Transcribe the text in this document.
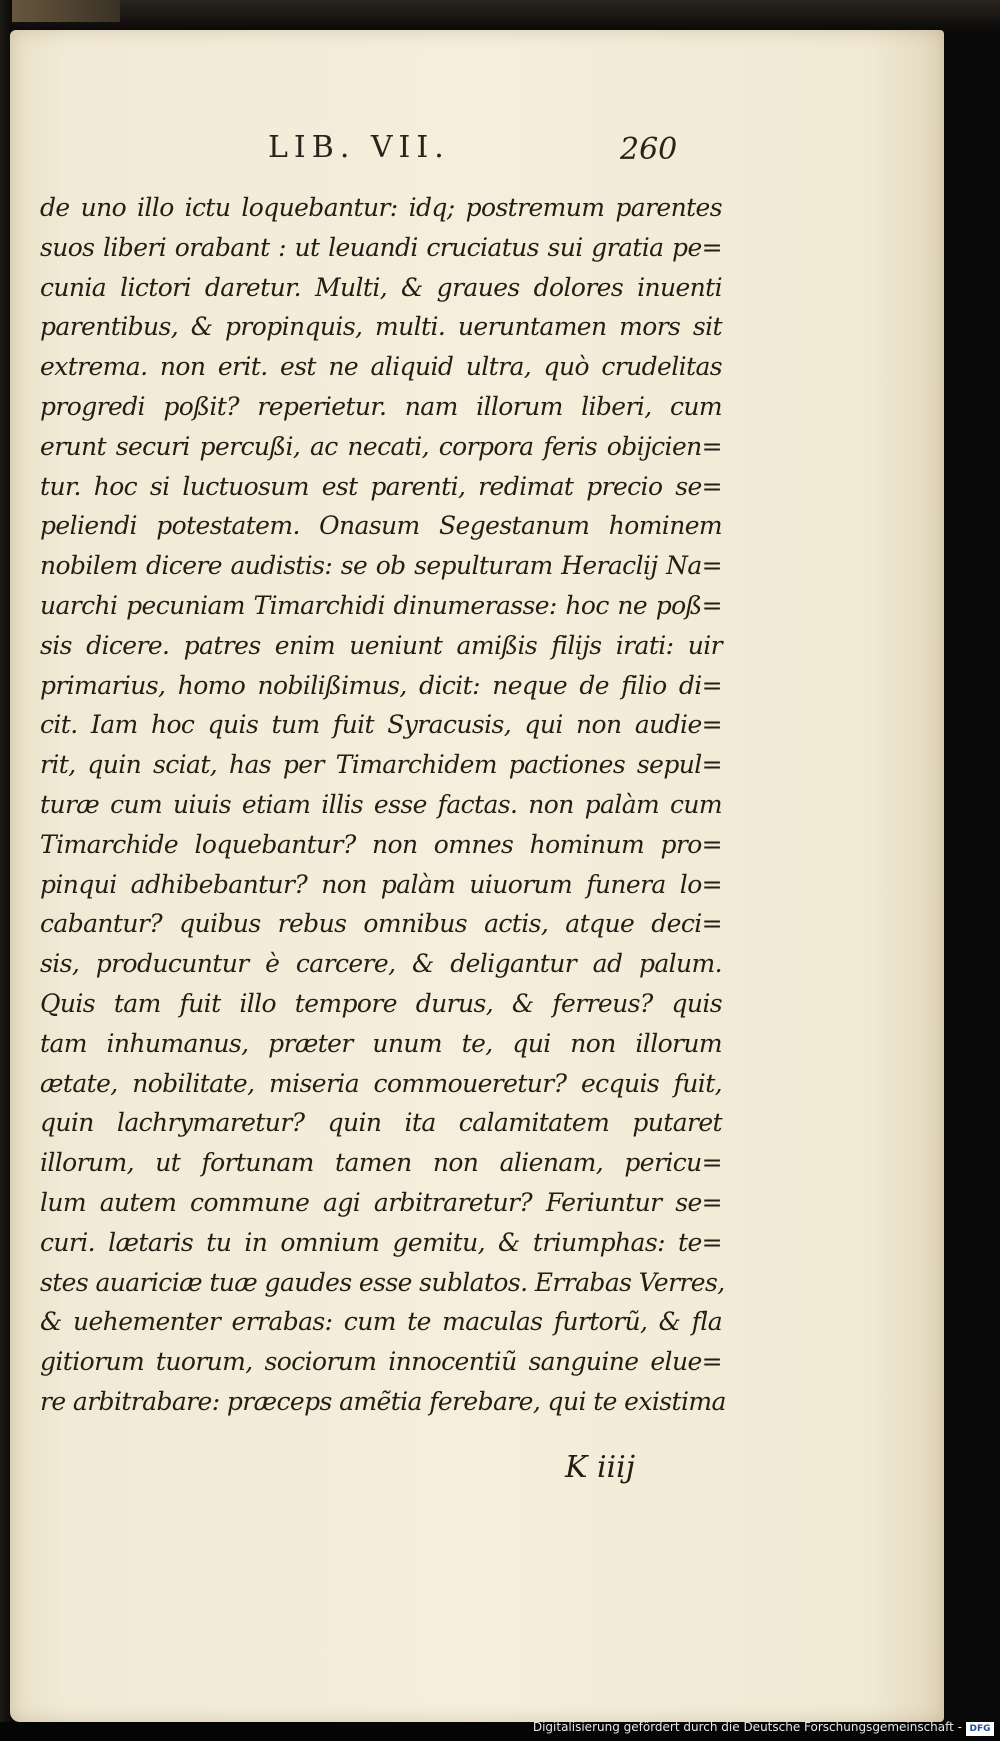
LIB. VII.	260
de uno illo ictu loquebantur: idq; postremum parentes
suos liberi orabant : ut leuandi cruciatus sui gratia pe=
cunia lictori daretur. Multi, & graues dolores inuenti
parentibus, & propinquis, multi. ueruntamen mors sit
extrema. non erit. est ne aliquid ultra, quò crudelitas
progredi poßit? reperietur. nam illorum liberi, cum
erunt securi percußi, ac necati, corpora feris obijcien=
tur. hoc si luctuosum est parenti, redimat precio se=
peliendi potestatem. Onasum Segestanum hominem
nobilem dicere audistis: se ob sepulturam Heraclij Na=
uarchi pecuniam Timarchidi dinumerasse: hoc ne poß=
sis dicere. patres enim ueniunt amißis filijs irati: uir
primarius, homo nobilißimus, dicit: neque de filio di=
cit. Iam hoc quis tum fuit Syracusis, qui non audie=
rit, quin sciat, has per Timarchidem pactiones sepul=
turæ cum uiuis etiam illis esse factas. non palàm cum
Timarchide loquebantur? non omnes hominum pro=
pinqui adhibebantur? non palàm uiuorum funera lo=
cabantur? quibus rebus omnibus actis, atque deci=
sis, producuntur è carcere, & deligantur ad palum.
Quis tam fuit illo tempore durus, & ferreus? quis
tam inhumanus, præter unum te, qui non illorum
ætate, nobilitate, miseria commoueretur? ecquis fuit,
quin lachrymaretur? quin ita calamitatem putaret
illorum, ut fortunam tamen non alienam, pericu=
lum autem commune agi arbitraretur? Feriuntur se=
curi. lætaris tu in omnium gemitu, & triumphas: te=
stes auariciæ tuæ gaudes esse sublatos. Errabas Verres,
& uehementer errabas: cum te maculas furtorũ, & fla
gitiorum tuorum, sociorum innocentiũ sanguine elue=
re arbitrabare: præceps amẽtia ferebare, qui te existima
K iiij
Digitalisierung gefördert durch die Deutsche Forschungsgemeinschaft - DFG
